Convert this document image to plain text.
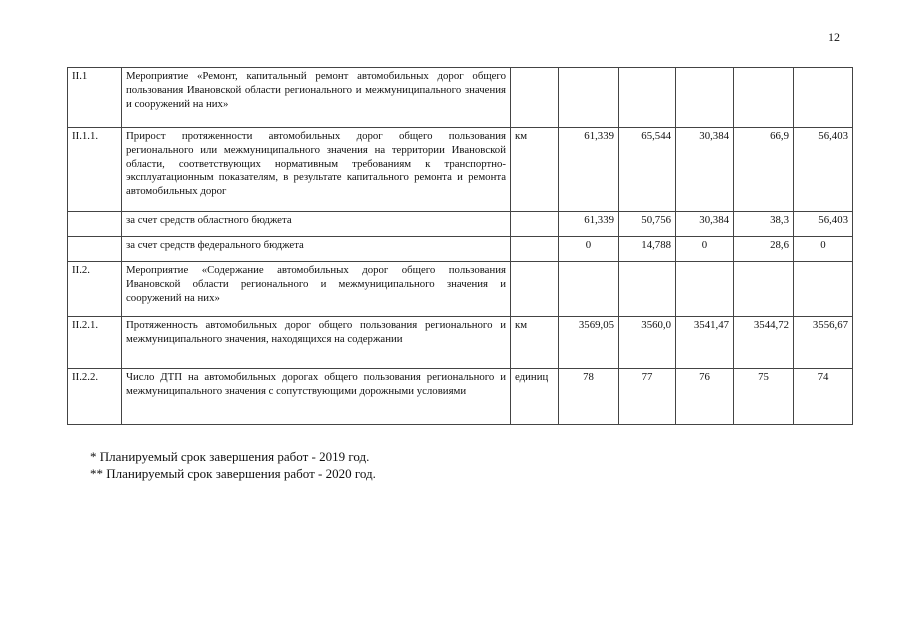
12
II.1	Мероприятие «Ремонт, капитальный ремонт автомобильных дорог общего пользования Ивановской области регионального и межмуниципального значения и сооружений на них»						
II.1.1.	Прирост протяженности автомобильных дорог общего пользования регионального или межмуниципального значения на территории Ивановской области, соответствующих нормативным требованиям к транспортно-эксплуатационным показателям, в результате капитального ремонта и ремонта автомобильных дорог	км	61,339	65,544	30,384	66,9	56,403
	за счет средств областного бюджета		61,339	50,756	30,384	38,3	56,403
	за счет средств федерального бюджета		0	14,788	0	28,6	0
II.2.	Мероприятие «Содержание автомобильных дорог общего пользования Ивановской области регионального и межмуниципального значения и сооружений на них»						
II.2.1.	Протяженность автомобильных дорог общего пользования регионального и межмуниципального значения, находящихся на содержании	км	3569,05	3560,0	3541,47	3544,72	3556,67
II.2.2.	Число ДТП на автомобильных дорогах общего пользования регионального и межмуниципального значения с сопутствующими дорожными условиями	единиц	78	77	76	75	74
* Планируемый срок завершения работ - 2019 год.
** Планируемый срок завершения работ - 2020 год.
